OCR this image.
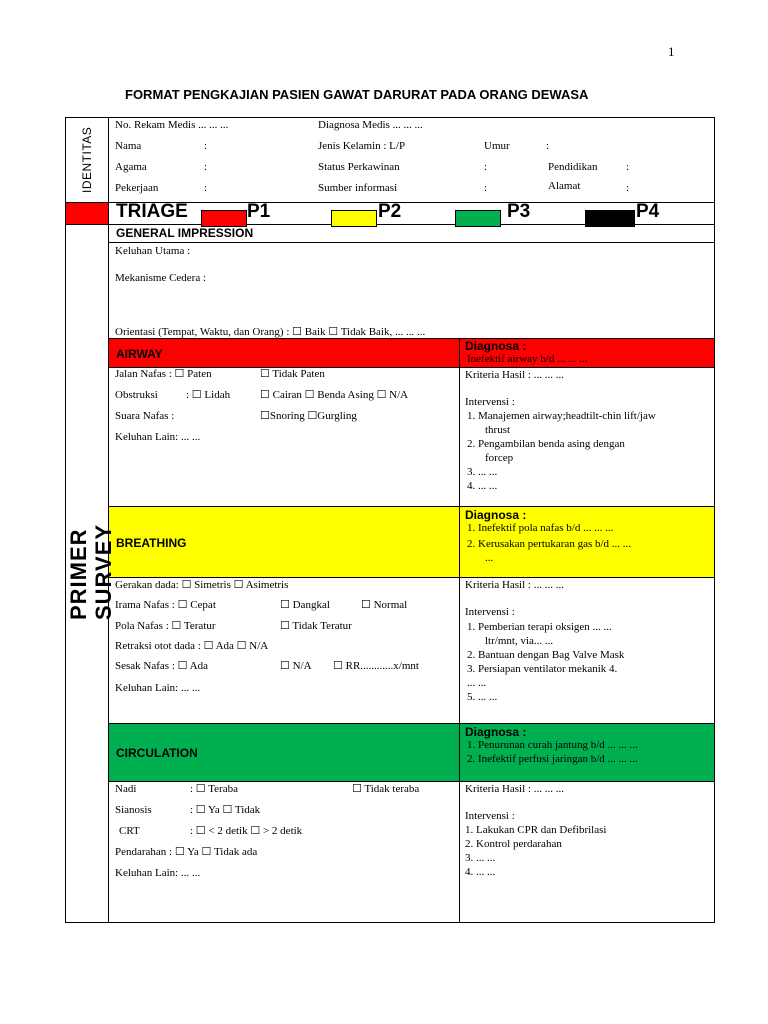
1
FORMAT PENGKAJIAN PASIEN GAWAT DARURAT PADA ORANG DEWASA
IDENTITAS
No. Rekam Medis ... ... ...	Diagnosa Medis ... ... ...
Nama	:	Jenis Kelamin : L/P	Umur	:
Agama	:	Status Perkawinan	:	Pendidikan	:
Pekerjaan	:	Sumber informasi	:	Alamat	:
TRIAGE	P1	P2	P3	P4
PRIMER SURVEY
GENERAL IMPRESSION
Keluhan Utama :
Mekanisme Cedera :
Orientasi (Tempat, Waktu, dan Orang) : ☐ Baik ☐ Tidak Baik, ... ... ...
AIRWAY
Diagnosa :
Inefektif airway b/d ... ... ...
Jalan Nafas : ☐ Paten	☐ Tidak Paten
Obstruksi	: ☐ Lidah	☐ Cairan ☐ Benda Asing ☐ N/A
Suara Nafas :	☐Snoring ☐Gurgling
Keluhan Lain: ... ...
Kriteria Hasil : ... ... ...
Intervensi :
1. Manajemen airway;headtilt-chin lift/jaw
thrust
2. Pengambilan benda asing dengan
forcep
3. ... ...
4. ... ...
BREATHING
Diagnosa :
1. Inefektif pola nafas b/d ... ... ...
2. Kerusakan pertukaran gas b/d ... ...
...
Gerakan dada: ☐ Simetris ☐ Asimetris
Irama Nafas : ☐ Cepat	☐ Dangkal	☐ Normal
Pola Nafas : ☐ Teratur	☐ Tidak Teratur
Retraksi otot dada : ☐ Ada ☐ N/A
Sesak Nafas : ☐ Ada	☐ N/A ☐ RR............x/mnt
Keluhan Lain: ... ...
Kriteria Hasil : ... ... ...
Intervensi :
1. Pemberian terapi oksigen ... ...
ltr/mnt, via... ...
2. Bantuan dengan Bag Valve Mask
3. Persiapan ventilator mekanik 4.
... ...
5. ... ...
CIRCULATION
Diagnosa :
1. Penurunan curah jantung b/d ... ... ...
2. Inefektif perfusi jaringan b/d ... ... ...
Nadi	: ☐ Teraba	☐ Tidak teraba
Sianosis	: ☐ Ya ☐ Tidak
CRT	: ☐ < 2 detik ☐ > 2 detik
Pendarahan : ☐ Ya ☐ Tidak ada
Keluhan Lain: ... ...
Kriteria Hasil : ... ... ...
Intervensi :
1. Lakukan CPR dan Defibrilasi
2. Kontrol perdarahan
3. ... ...
4. ... ...
